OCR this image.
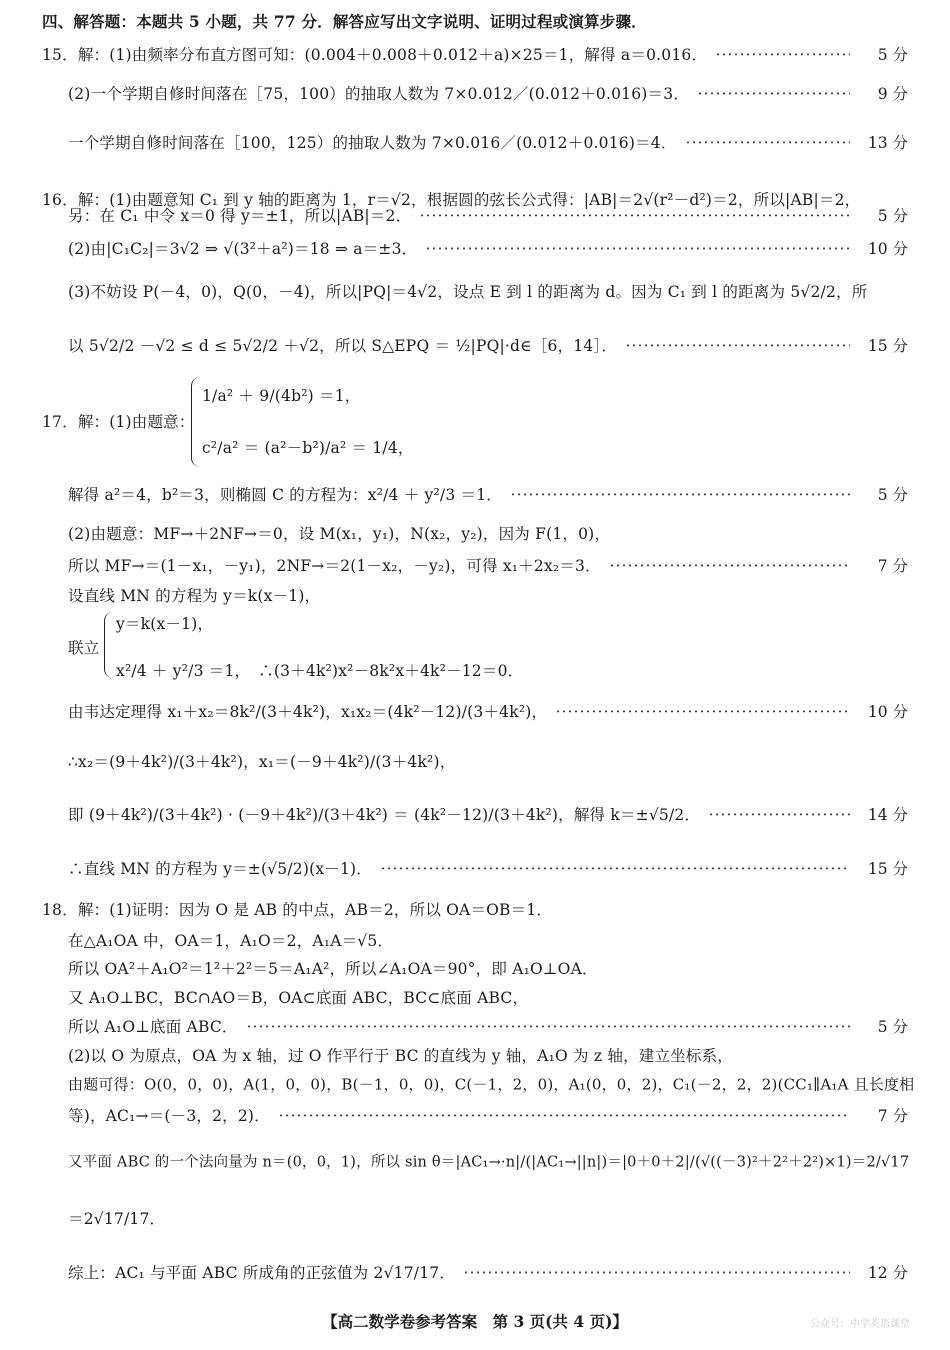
四、解答题：本题共 5 小题，共 77 分．解答应写出文字说明、证明过程或演算步骤．
15．解：(1)由频率分布直方图可知：(0.004＋0.008＋0.012＋a)×25＝1，解得 a＝0.016．	5 分
(2)一个学期自修时间落在［75，100）的抽取人数为 7×0.012／(0.012＋0.016)＝3．	9 分
一个学期自修时间落在［100，125）的抽取人数为 7×0.016／(0.012＋0.016)＝4．	13 分
16．解：(1)由题意知 C₁ 到 y 轴的距离为 1，r＝√2，根据圆的弦长公式得：|AB|＝2√(r²－d²)＝2，所以|AB|＝2，
另：在 C₁ 中令 x＝0 得 y＝±1，所以|AB|＝2．	5 分
(2)由|C₁C₂|＝3√2 ⇒ √(3²＋a²)＝18 ⇒ a＝±3．	10 分
(3)不妨设 P(－4，0)，Q(0，－4)，所以|PQ|＝4√2，设点 E 到 l 的距离为 d。因为 C₁ 到 l 的距离为 5√2/2，所
以 5√2/2 －√2 ≤ d ≤ 5√2/2 ＋√2，所以 S△EPQ ＝ ½|PQ|·d∈［6，14］．	15 分
1/a² ＋ 9/(4b²) ＝1，
17．解：(1)由题意：
c²/a² ＝ (a²－b²)/a² ＝ 1/4，
解得 a²＝4，b²＝3，则椭圆 C 的方程为：x²/4 ＋ y²/3 ＝1．	5 分
(2)由题意：MF→＋2NF→＝0，设 M(x₁，y₁)，N(x₂，y₂)，因为 F(1，0)，
所以 MF→＝(1－x₁，－y₁)，2NF→＝2(1－x₂，－y₂)，可得 x₁＋2x₂＝3．	7 分
设直线 MN 的方程为 y＝k(x－1)，
y＝k(x－1)，
联立
x²/4 ＋ y²/3 ＝1，　∴(3＋4k²)x²－8k²x＋4k²－12＝0．
由韦达定理得 x₁＋x₂＝8k²/(3＋4k²)，x₁x₂＝(4k²－12)/(3＋4k²)，	10 分
∴x₂＝(9＋4k²)/(3＋4k²)，x₁＝(－9＋4k²)/(3＋4k²)，
即 (9＋4k²)/(3＋4k²) · (－9＋4k²)/(3＋4k²) ＝ (4k²－12)/(3＋4k²)，解得 k＝±√5/2．	14 分
∴直线 MN 的方程为 y＝±(√5/2)(x－1)．	15 分
18．解：(1)证明：因为 O 是 AB 的中点，AB＝2，所以 OA＝OB＝1．
在△A₁OA 中，OA＝1，A₁O＝2，A₁A＝√5．
所以 OA²＋A₁O²＝1²＋2²＝5＝A₁A²，所以∠A₁OA＝90°，即 A₁O⊥OA．
又 A₁O⊥BC，BC∩AO＝B，OA⊂底面 ABC，BC⊂底面 ABC，
所以 A₁O⊥底面 ABC．	5 分
(2)以 O 为原点，OA 为 x 轴，过 O 作平行于 BC 的直线为 y 轴，A₁O 为 z 轴，建立坐标系，
由题可得：O(0，0，0)，A(1，0，0)，B(－1，0，0)，C(－1，2，0)，A₁(0，0，2)，C₁(－2，2，2)(CC₁∥A₁A 且长度相
等)，AC₁→＝(－3，2，2)．	7 分
又平面 ABC 的一个法向量为 n＝(0，0，1)，所以 sin θ＝|AC₁→·n|/(|AC₁→||n|)＝|0＋0＋2|/(√((－3)²＋2²＋2²)×1)＝2/√17
＝2√17/17．
综上：AC₁ 与平面 ABC 所成角的正弦值为 2√17/17．	12 分
【高二数学卷参考答案　第 3 页(共 4 页)】	公众号：中学英语课堂
